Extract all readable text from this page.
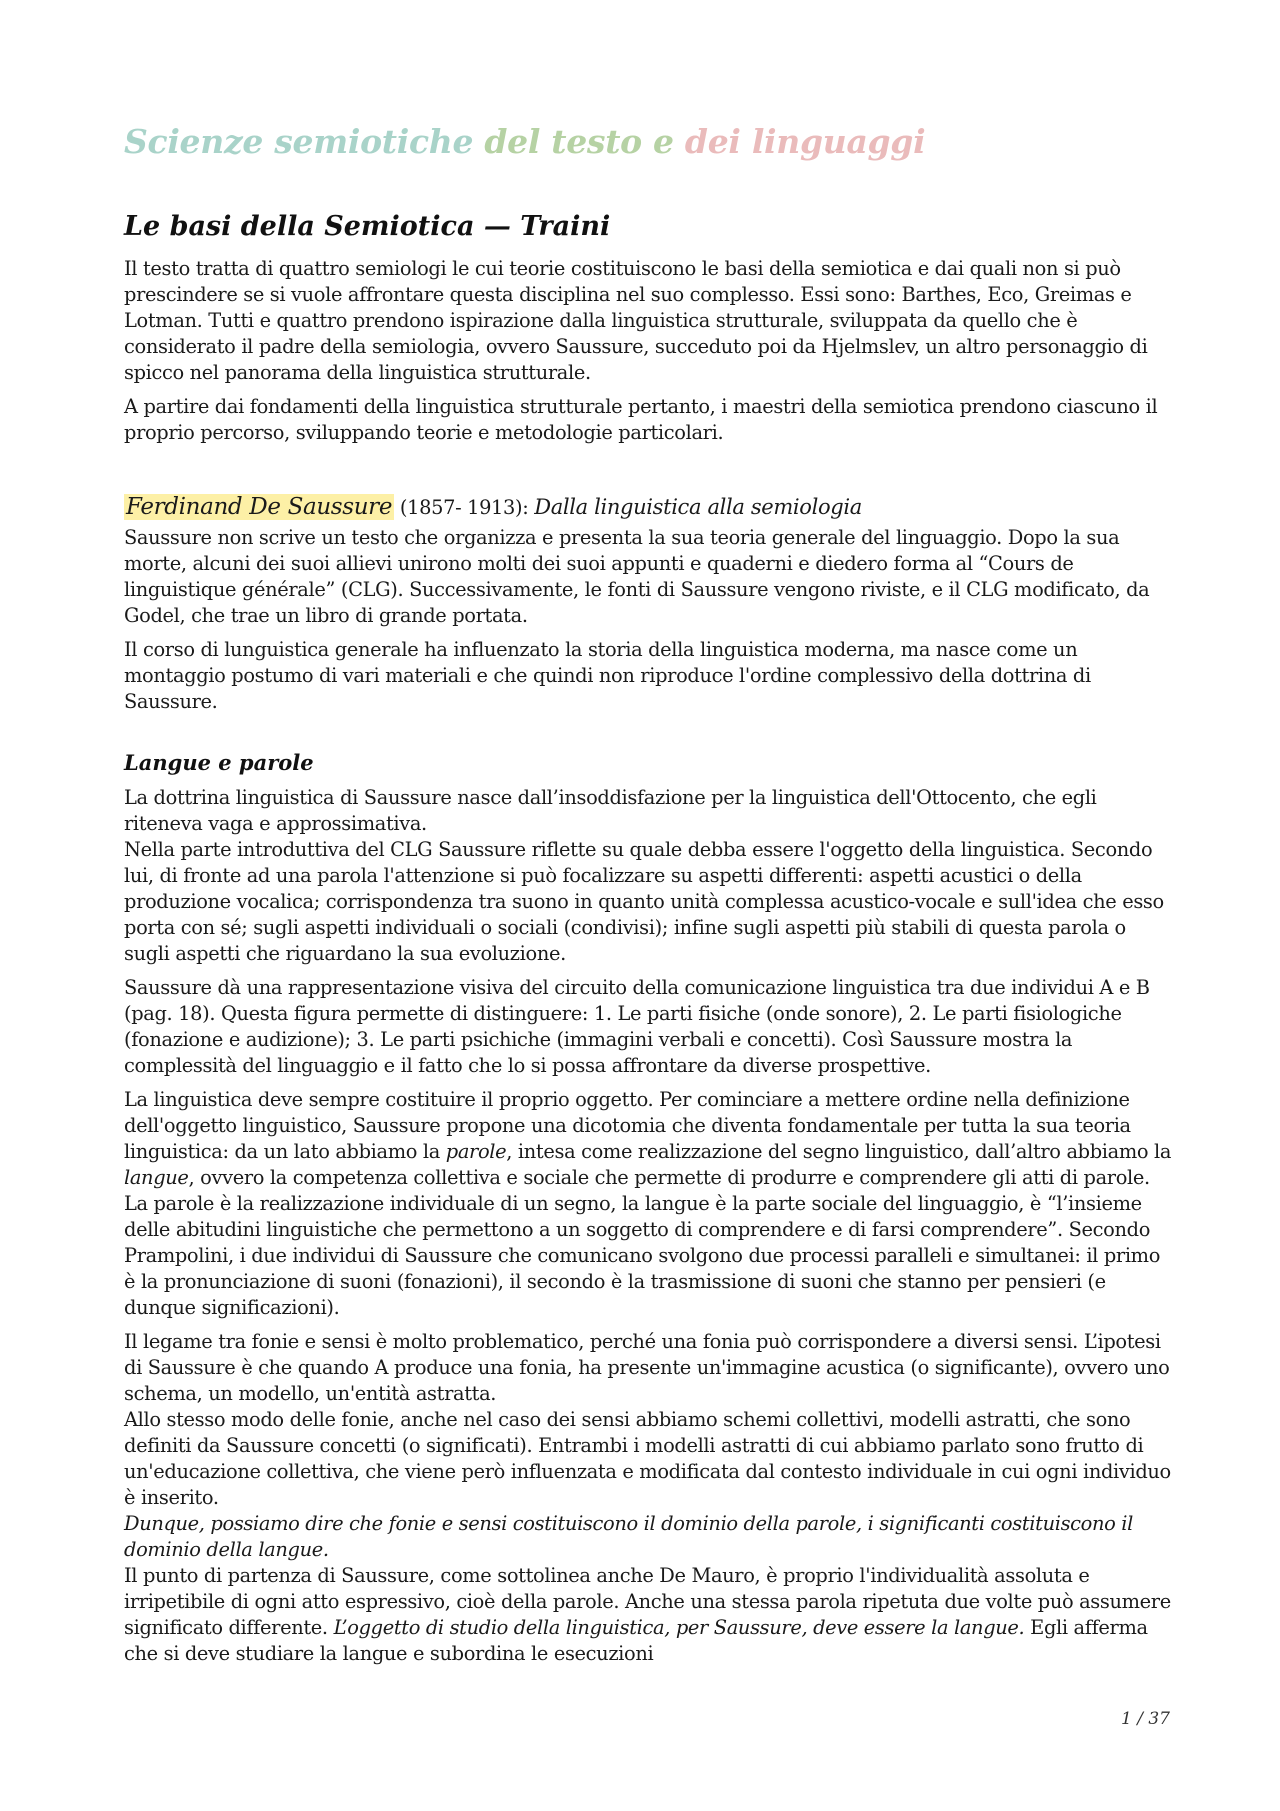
Scienze semiotiche del testo e dei linguaggi
Le basi della Semiotica — Traini

Il testo tratta di quattro semiologi le cui teorie costituiscono le basi della semiotica e dai quali non si può prescindere se si vuole affrontare questa disciplina nel suo complesso. Essi sono: Barthes, Eco, Greimas e Lotman. Tutti e quattro prendono ispirazione dalla linguistica strutturale, sviluppata da quello che è considerato il padre della semiologia, ovvero Saussure, succeduto poi da Hjelmslev, un altro personaggio di spicco nel panorama della linguistica strutturale.

A partire dai fondamenti della linguistica strutturale pertanto, i maestri della semiotica prendono ciascuno il proprio percorso, sviluppando teorie e metodologie particolari.

Ferdinand De Saussure (1857- 1913): Dalla linguistica alla semiologia

Saussure non scrive un testo che organizza e presenta la sua teoria generale del linguaggio. Dopo la sua morte, alcuni dei suoi allievi unirono molti dei suoi appunti e quaderni e diedero forma al “Cours de linguistique générale” (CLG). Successivamente, le fonti di Saussure vengono riviste, e il CLG modificato, da Godel, che trae un libro di grande portata.

Il corso di lunguistica generale ha influenzato la storia della linguistica moderna, ma nasce come un montaggio postumo di vari materiali e che quindi non riproduce l'ordine complessivo della dottrina di Saussure.

Langue e parole

La dottrina linguistica di Saussure nasce dall’insoddisfazione per la linguistica dell'Ottocento, che egli riteneva vaga e approssimativa.

Nella parte introduttiva del CLG Saussure riflette su quale debba essere l'oggetto della linguistica. Secondo lui, di fronte ad una parola l'attenzione si può focalizzare su aspetti differenti: aspetti acustici o della produzione vocalica; corrispondenza tra suono in quanto unità complessa acustico-vocale e sull'idea che esso porta con sé; sugli aspetti individuali o sociali (condivisi); infine sugli aspetti più stabili di questa parola o sugli aspetti che riguardano la sua evoluzione.

Saussure dà una rappresentazione visiva del circuito della comunicazione linguistica tra due individui A e B (pag. 18). Questa figura permette di distinguere: 1. Le parti fisiche (onde sonore), 2. Le parti fisiologiche (fonazione e audizione); 3. Le parti psichiche (immagini verbali e concetti). Così Saussure mostra la complessità del linguaggio e il fatto che lo si possa affrontare da diverse prospettive.

La linguistica deve sempre costituire il proprio oggetto. Per cominciare a mettere ordine nella definizione dell'oggetto linguistico, Saussure propone una dicotomia che diventa fondamentale per tutta la sua teoria linguistica: da un lato abbiamo la parole, intesa come realizzazione del segno linguistico, dall’altro abbiamo la langue, ovvero la competenza collettiva e sociale che permette di produrre e comprendere gli atti di parole. La parole è la realizzazione individuale di un segno, la langue è la parte sociale del linguaggio, è “l’insieme delle abitudini linguistiche che permettono a un soggetto di comprendere e di farsi comprendere”. Secondo Prampolini, i due individui di Saussure che comunicano svolgono due processi paralleli e simultanei: il primo è la pronunciazione di suoni (fonazioni), il secondo è la trasmissione di suoni che stanno per pensieri (e dunque significazioni).

Il legame tra fonie e sensi è molto problematico, perché una fonia può corrispondere a diversi sensi. L’ipotesi di Saussure è che quando A produce una fonia, ha presente un'immagine acustica (o significante), ovvero uno schema, un modello, un'entità astratta.

Allo stesso modo delle fonie, anche nel caso dei sensi abbiamo schemi collettivi, modelli astratti, che sono definiti da Saussure concetti (o significati). Entrambi i modelli astratti di cui abbiamo parlato sono frutto di un'educazione collettiva, che viene però influenzata e modificata dal contesto individuale in cui ogni individuo è inserito.

Dunque, possiamo dire che fonie e sensi costituiscono il dominio della parole, i significanti costituiscono il dominio della langue.

Il punto di partenza di Saussure, come sottolinea anche De Mauro, è proprio l'individualità assoluta e irripetibile di ogni atto espressivo, cioè della parole. Anche una stessa parola ripetuta due volte può assumere significato differente. L’oggetto di studio della linguistica, per Saussure, deve essere la langue. Egli afferma che si deve studiare la langue e subordina le esecuzioni

1 / 37
